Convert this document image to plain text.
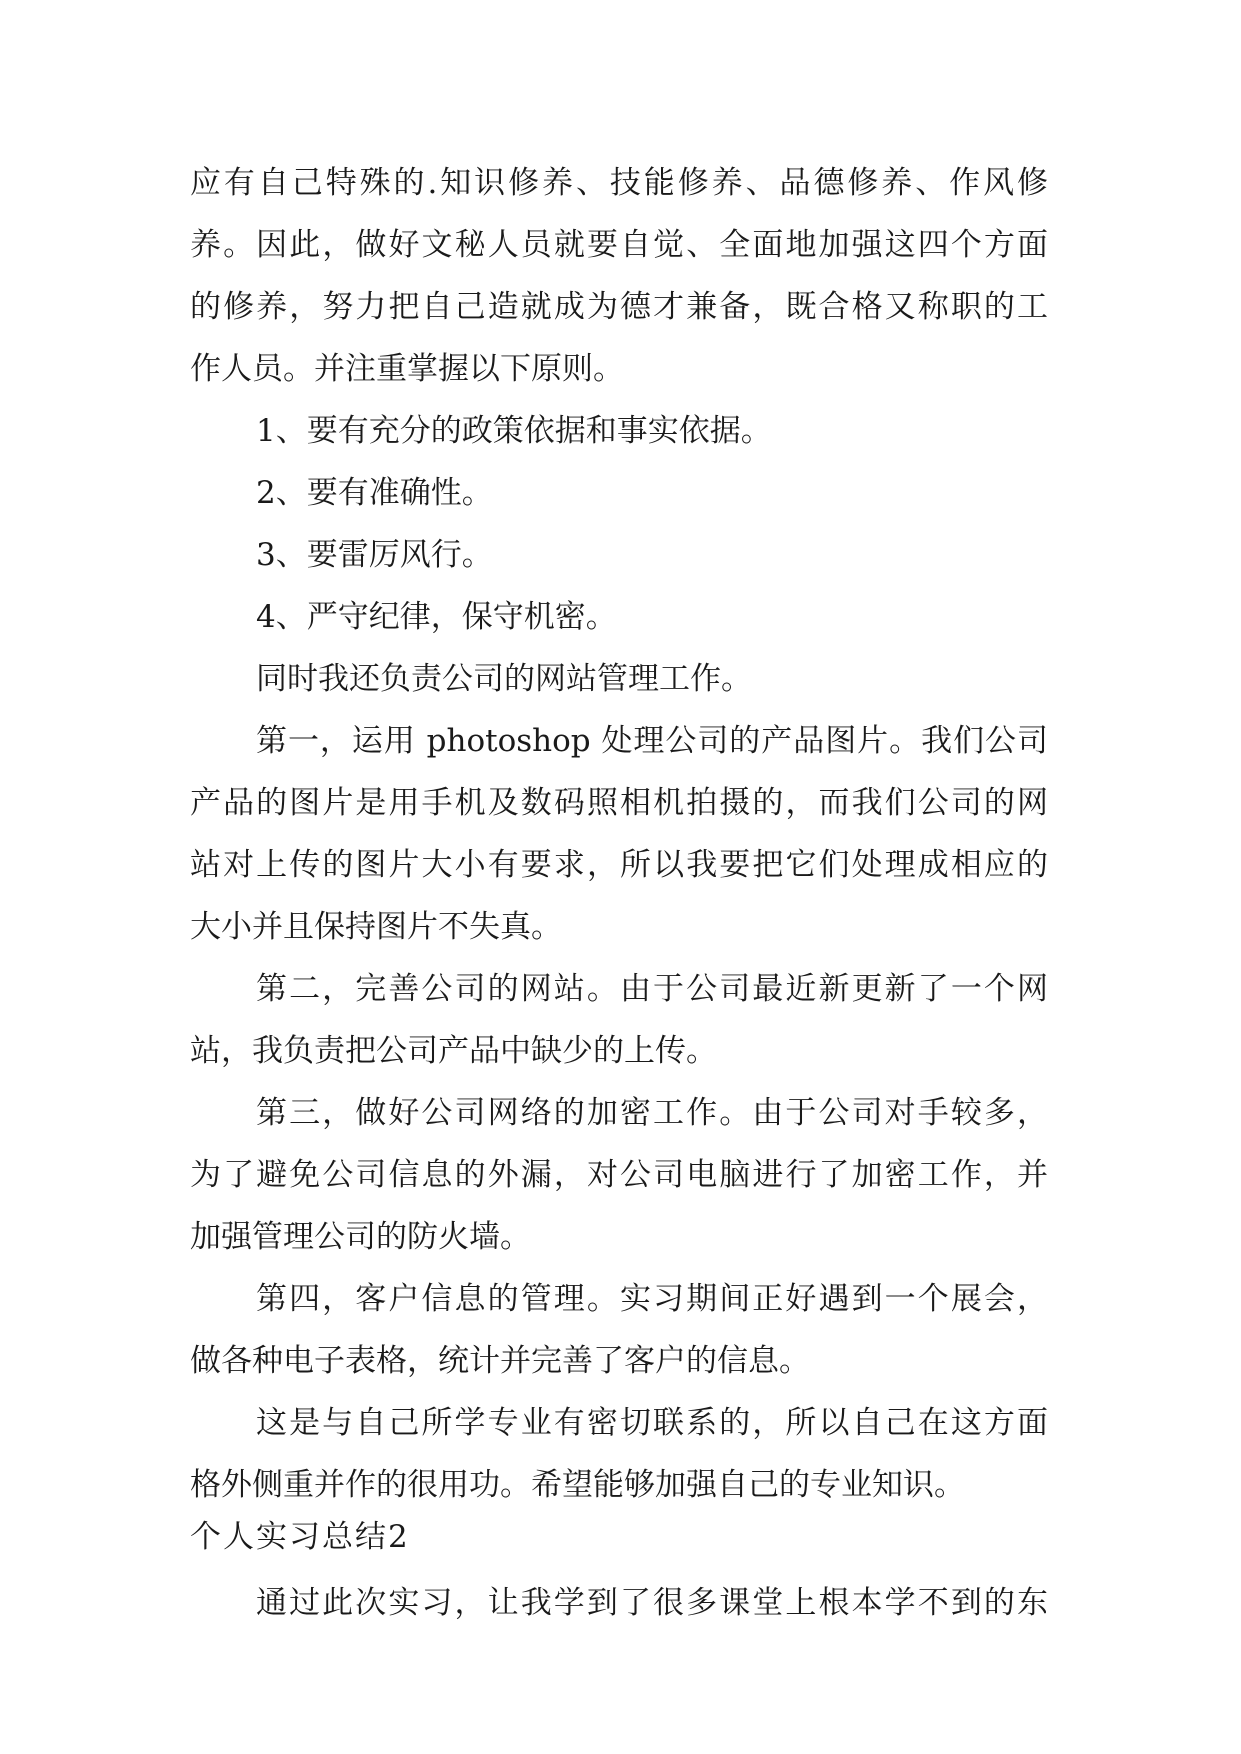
应有自己特殊的.知识修养、技能修养、品德修养、作风修
养。因此，做好文秘人员就要自觉、全面地加强这四个方面
的修养，努力把自己造就成为德才兼备，既合格又称职的工
作人员。并注重掌握以下原则。
1、要有充分的政策依据和事实依据。
2、要有准确性。
3、要雷厉风行。
4、严守纪律，保守机密。
同时我还负责公司的网站管理工作。
第一，运用 photoshop 处理公司的产品图片。我们公司
产品的图片是用手机及数码照相机拍摄的，而我们公司的网
站对上传的图片大小有要求，所以我要把它们处理成相应的
大小并且保持图片不失真。
第二，完善公司的网站。由于公司最近新更新了一个网
站，我负责把公司产品中缺少的上传。
第三，做好公司网络的加密工作。由于公司对手较多，
为了避免公司信息的外漏，对公司电脑进行了加密工作，并
加强管理公司的防火墙。
第四，客户信息的管理。实习期间正好遇到一个展会，
做各种电子表格，统计并完善了客户的信息。
这是与自己所学专业有密切联系的，所以自己在这方面
格外侧重并作的很用功。希望能够加强自己的专业知识。
个人实习总结2
通过此次实习，让我学到了很多课堂上根本学不到的东
